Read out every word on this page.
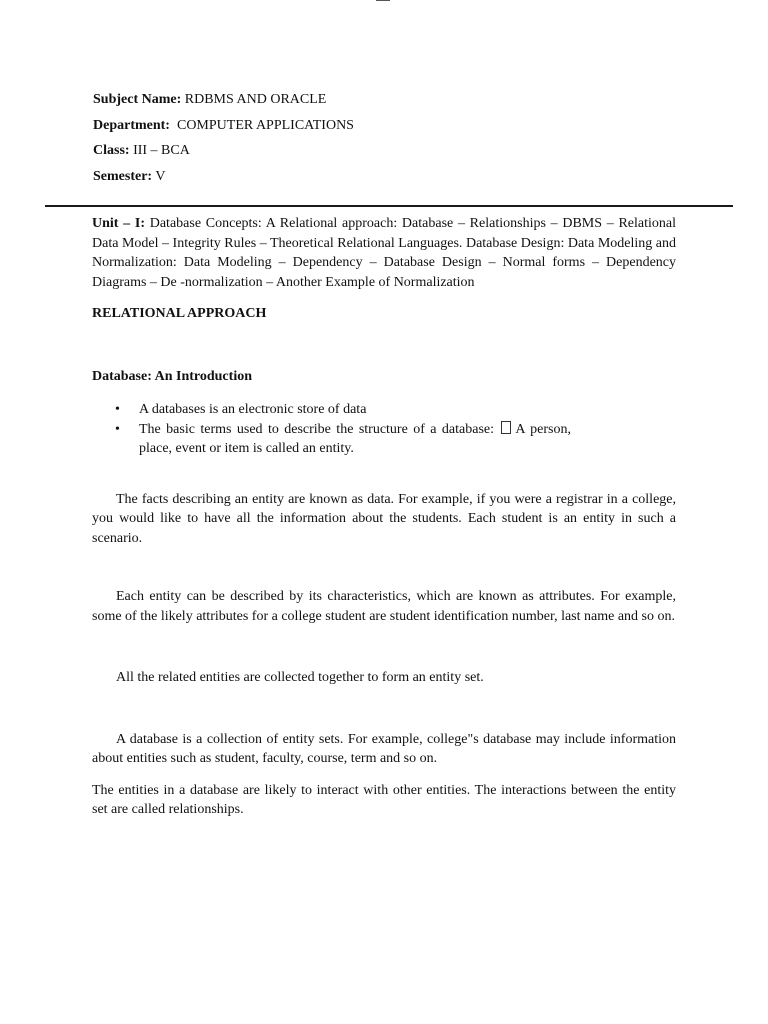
Subject Name: RDBMS AND ORACLE
Department:  COMPUTER APPLICATIONS
Class: III – BCA
Semester: V

Unit – I: Database Concepts: A Relational approach: Database – Relationships – DBMS – Relational Data Model – Integrity Rules – Theoretical Relational Languages. Database Design: Data Modeling and Normalization: Data Modeling – Dependency – Database Design – Normal forms – Dependency Diagrams – De -normalization – Another Example of Normalization

RELATIONAL APPROACH

Database: An Introduction

• A databases is an electronic store of data
• The basic terms used to describe the structure of a database: A person, place, event or item is called an entity.

The facts describing an entity are known as data. For example, if you were a registrar in a college, you would like to have all the information about the students. Each student is an entity in such a scenario.

Each entity can be described by its characteristics, which are known as attributes. For example, some of the likely attributes for a college student are student identification number, last name and so on.

All the related entities are collected together to form an entity set.

A database is a collection of entity sets. For example, college"s database may include information about entities such as student, faculty, course, term and so on.

The entities in a database are likely to interact with other entities. The interactions between the entity set are called relationships.
